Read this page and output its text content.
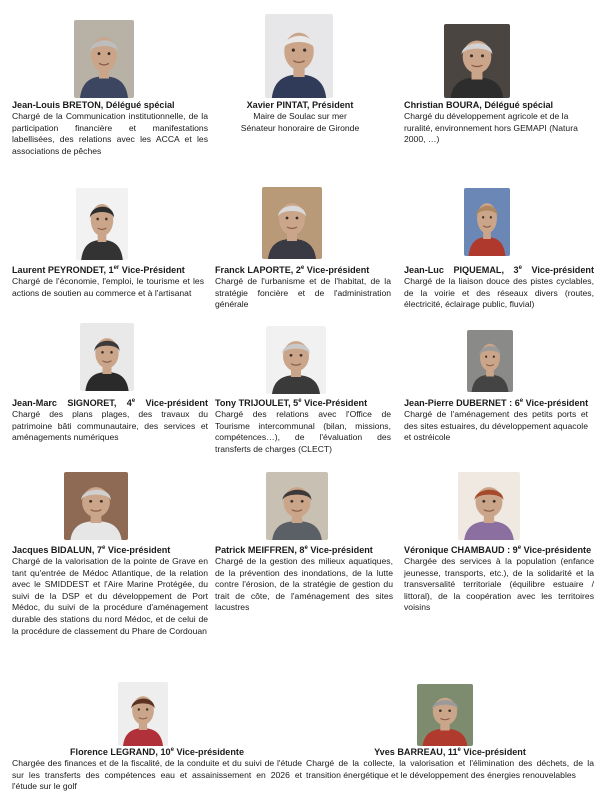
Jean-Louis BRETON, Délégué spécial
Chargé de la Communication institutionnelle, de la participation financière et manifestations labellisées, des relations avec les ACCA et les associations de pêches
Xavier PINTAT, Président
Maire de Soulac sur mer
Sénateur honoraire de Gironde
Christian BOURA, Délégué spécial
Chargé du développement agricole et de la ruralité, environnement hors GEMAPI (Natura 2000, …)
Laurent PEYRONDET, 1er Vice-Président
Chargé de l'économie, l'emploi, le tourisme et les actions de soutien au commerce et à l'artisanat
Franck LAPORTE, 2e Vice-président
Chargé de l'urbanisme et de l'habitat, de la stratégie foncière et de l'administration générale
Jean-Luc PIQUEMAL, 3e Vice-président
Chargé de la liaison douce des pistes cyclables, de la voirie et des réseaux divers (routes, électricité, éclairage public, fluvial)
Jean-Marc SIGNORET, 4e Vice-président
Chargé des plans plages, des travaux du patrimoine bâti communautaire, des services et aménagements numériques
Tony TRIJOULET, 5e Vice-Président
Chargé des relations avec l'Office de Tourisme intercommunal (bilan, missions, compétences…), de l'évaluation des transferts de charges (CLECT)
Jean-Pierre DUBERNET : 6e Vice-président
Chargé de l'aménagement des petits ports et des sites estuaires, du développement aquacole et ostréicole
Jacques BIDALUN, 7e Vice-président
Chargé de la valorisation de la pointe de Grave en tant qu'entrée de Médoc Atlantique, de la relation avec le SMIDDEST et l'Aire Marine Protégée, du suivi de la DSP et du développement de Port Médoc, du suivi de la procédure d'aménagement durable des stations du nord Médoc, et de celui de la procédure de classement du Phare de Cordouan
Patrick MEIFFREN, 8e Vice-président
Chargé de la gestion des milieux aquatiques, de la prévention des inondations, de la lutte contre l'érosion, de la stratégie de gestion du trait de côte, de l'aménagement des sites lacustres
Véronique CHAMBAUD : 9e Vice-présidente
Chargée des services à la population (enfance jeunesse, transports, etc.), de la solidarité et la transversalité territoriale (équilibre estuaire / littoral), de la coopération avec les territoires voisins
Florence LEGRAND, 10e Vice-présidente
Chargée des finances et de la fiscalité, de la conduite et du suivi de l'étude sur les transferts des compétences eau et assainissement en 2026 et l'étude sur le golf
Yves BARREAU, 11e Vice-président
Chargé de la collecte, la valorisation et l'élimination des déchets, de la transition énergétique et le développement des énergies renouvelables
